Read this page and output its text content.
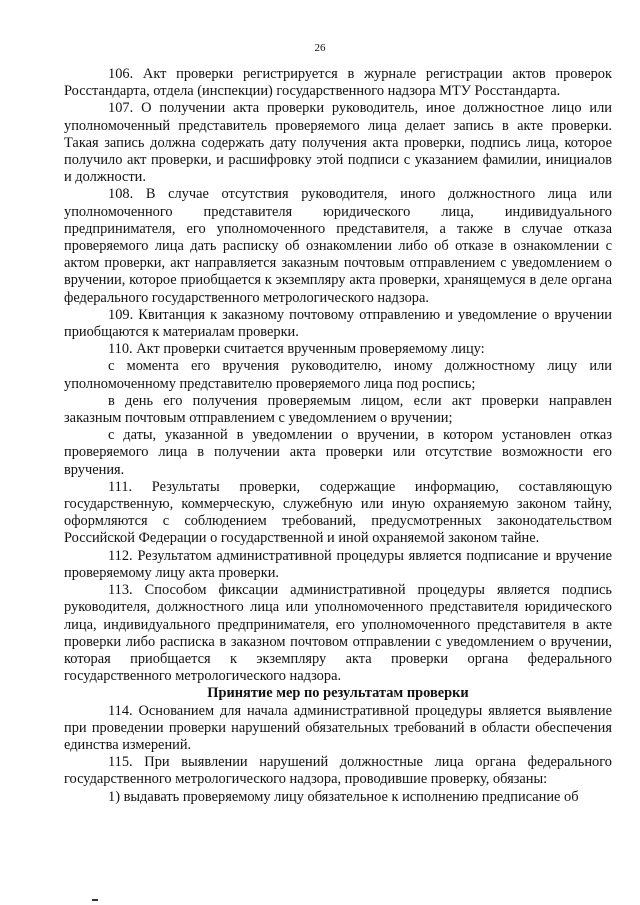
26

106. Акт проверки регистрируется в журнале регистрации актов проверок Росстандарта, отдела (инспекции) государственного надзора МТУ Росстандарта.

107. О получении акта проверки руководитель, иное должностное лицо или уполномоченный представитель проверяемого лица делает запись в акте проверки. Такая запись должна содержать дату получения акта проверки, подпись лица, которое получило акт проверки, и расшифровку этой подписи с указанием фамилии, инициалов и должности.

108. В случае отсутствия руководителя, иного должностного лица или уполномоченного представителя юридического лица, индивидуального предпринимателя, его уполномоченного представителя, а также в случае отказа проверяемого лица дать расписку об ознакомлении либо об отказе в ознакомлении с актом проверки, акт направляется заказным почтовым отправлением с уведомлением о вручении, которое приобщается к экземпляру акта проверки, хранящемуся в деле органа федерального государственного метрологического надзора.

109. Квитанция к заказному почтовому отправлению и уведомление о вручении приобщаются к материалам проверки.

110. Акт проверки считается врученным проверяемому лицу:

с момента его вручения руководителю, иному должностному лицу или уполномоченному представителю проверяемого лица под роспись;

в день его получения проверяемым лицом, если акт проверки направлен заказным почтовым отправлением с уведомлением о вручении;

с даты, указанной в уведомлении о вручении, в котором установлен отказ проверяемого лица в получении акта проверки или отсутствие возможности его вручения.

111. Результаты проверки, содержащие информацию, составляющую государственную, коммерческую, служебную или иную охраняемую законом тайну, оформляются с соблюдением требований, предусмотренных законодательством Российской Федерации о государственной и иной охраняемой законом тайне.

112. Результатом административной процедуры является подписание и вручение проверяемому лицу акта проверки.

113. Способом фиксации административной процедуры является подпись руководителя, должностного лица или уполномоченного представителя юридического лица, индивидуального предпринимателя, его уполномоченного представителя в акте проверки либо расписка в заказном почтовом отправлении с уведомлением о вручении, которая приобщается к экземпляру акта проверки органа федерального государственного метрологического надзора.

Принятие мер по результатам проверки

114. Основанием для начала административной процедуры является выявление при проведении проверки нарушений обязательных требований в области обеспечения единства измерений.

115. При выявлении нарушений должностные лица органа федерального государственного метрологического надзора, проводившие проверку, обязаны:

1) выдавать проверяемому лицу обязательное к исполнению предписание об
